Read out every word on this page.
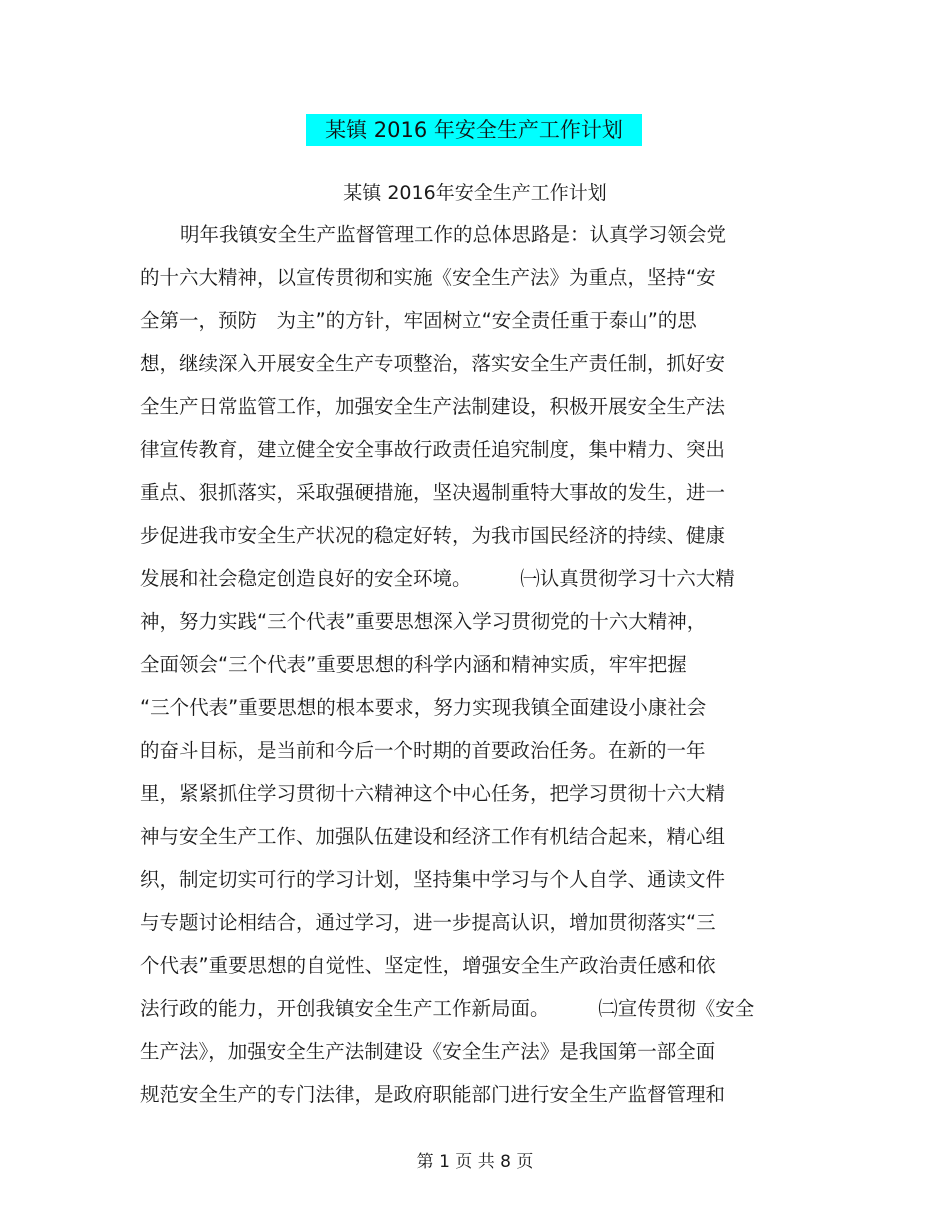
某镇 2016 年安全生产工作计划
某镇 2016年安全生产工作计划
明年我镇安全生产监督管理工作的总体思路是：认真学习领会党
的十六大精神，以宣传贯彻和实施《安全生产法》为重点，坚持“安
全第一，预防　为主”的方针，牢固树立“安全责任重于泰山”的思
想，继续深入开展安全生产专项整治，落实安全生产责任制，抓好安
全生产日常监管工作，加强安全生产法制建设，积极开展安全生产法
律宣传教育，建立健全安全事故行政责任追究制度，集中精力、突出
重点、狠抓落实，采取强硬措施，坚决遏制重特大事故的发生，进一
步促进我市安全生产状况的稳定好转，为我市国民经济的持续、健康
发展和社会稳定创造良好的安全环境。　　　㈠认真贯彻学习十六大精
神，努力实践“三个代表”重要思想深入学习贯彻党的十六大精神，
全面领会“三个代表”重要思想的科学内涵和精神实质，牢牢把握
“三个代表”重要思想的根本要求，努力实现我镇全面建设小康社会
的奋斗目标，是当前和今后一个时期的首要政治任务。在新的一年
里，紧紧抓住学习贯彻十六精神这个中心任务，把学习贯彻十六大精
神与安全生产工作、加强队伍建设和经济工作有机结合起来，精心组
织，制定切实可行的学习计划，坚持集中学习与个人自学、通读文件
与专题讨论相结合，通过学习，进一步提高认识，增加贯彻落实“三
个代表”重要思想的自觉性、坚定性，增强安全生产政治责任感和依
法行政的能力，开创我镇安全生产工作新局面。　　　㈡宣传贯彻《安全
生产法》，加强安全生产法制建设《安全生产法》是我国第一部全面
规范安全生产的专门法律，是政府职能部门进行安全生产监督管理和
第 1 页 共 8 页
